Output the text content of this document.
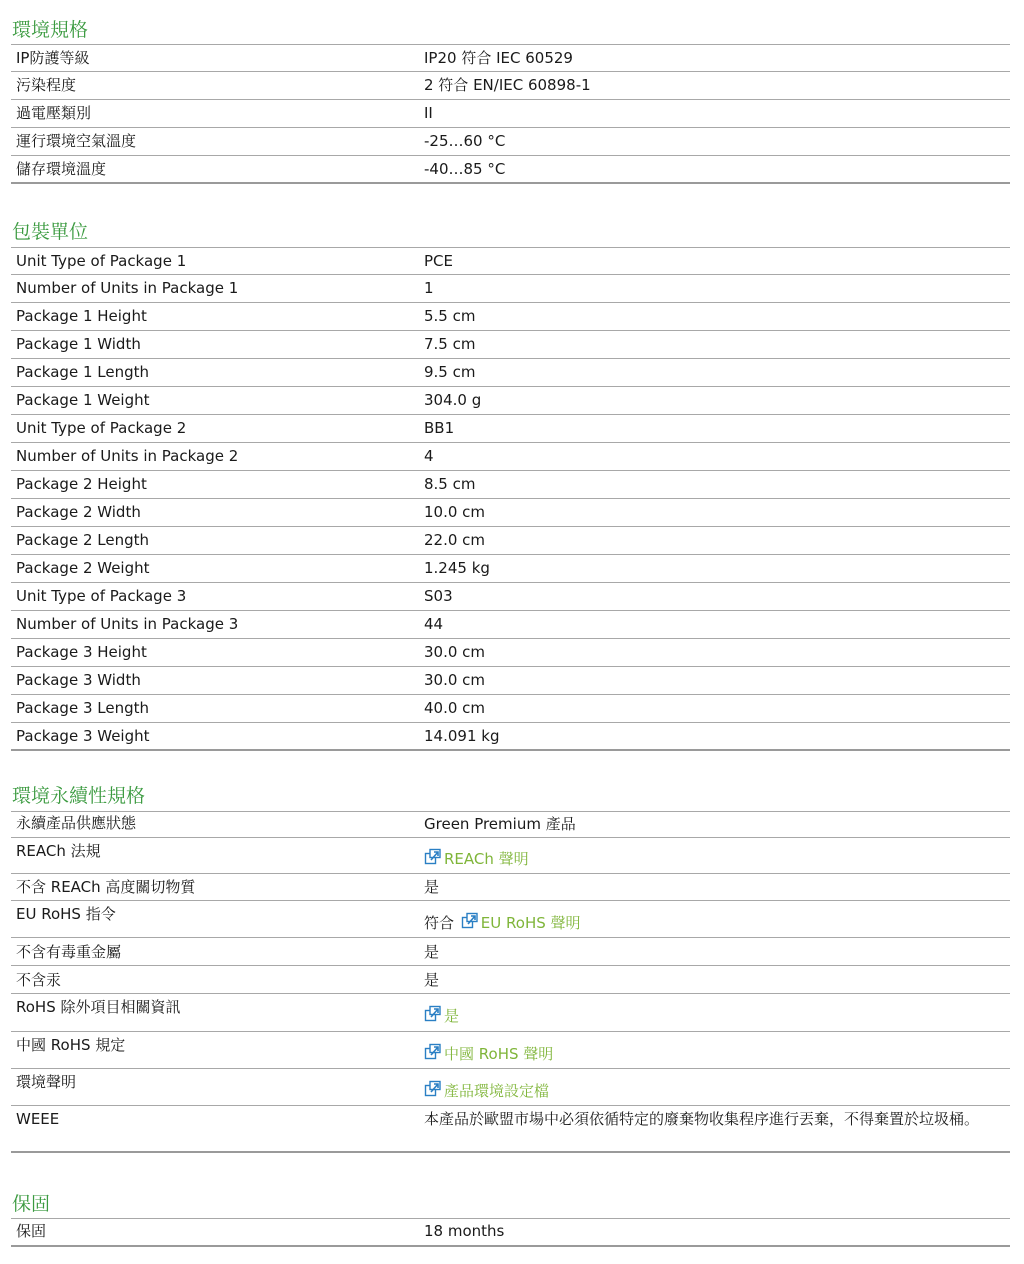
環境規格
IP防護等級	IP20 符合 IEC 60529
污染程度	2 符合 EN/IEC 60898-1
過電壓類別	II
運行環境空氣溫度	-25…60 °C
儲存環境溫度	-40…85 °C
包裝單位
Unit Type of Package 1	PCE
Number of Units in Package 1	1
Package 1 Height	5.5 cm
Package 1 Width	7.5 cm
Package 1 Length	9.5 cm
Package 1 Weight	304.0 g
Unit Type of Package 2	BB1
Number of Units in Package 2	4
Package 2 Height	8.5 cm
Package 2 Width	10.0 cm
Package 2 Length	22.0 cm
Package 2 Weight	1.245 kg
Unit Type of Package 3	S03
Number of Units in Package 3	44
Package 3 Height	30.0 cm
Package 3 Width	30.0 cm
Package 3 Length	40.0 cm
Package 3 Weight	14.091 kg
環境永續性規格
永續產品供應狀態	Green Premium 產品
REACh 法規	REACh 聲明
不含 REACh 高度關切物質	是
EU RoHS 指令	符合 EU RoHS 聲明
不含有毒重金屬	是
不含汞	是
RoHS 除外項目相關資訊	是
中國 RoHS 規定	中國 RoHS 聲明
環境聲明	產品環境設定檔
WEEE	本產品於歐盟市場中必須依循特定的廢棄物收集程序進行丟棄，不得棄置於垃圾桶。
保固
保固	18 months
